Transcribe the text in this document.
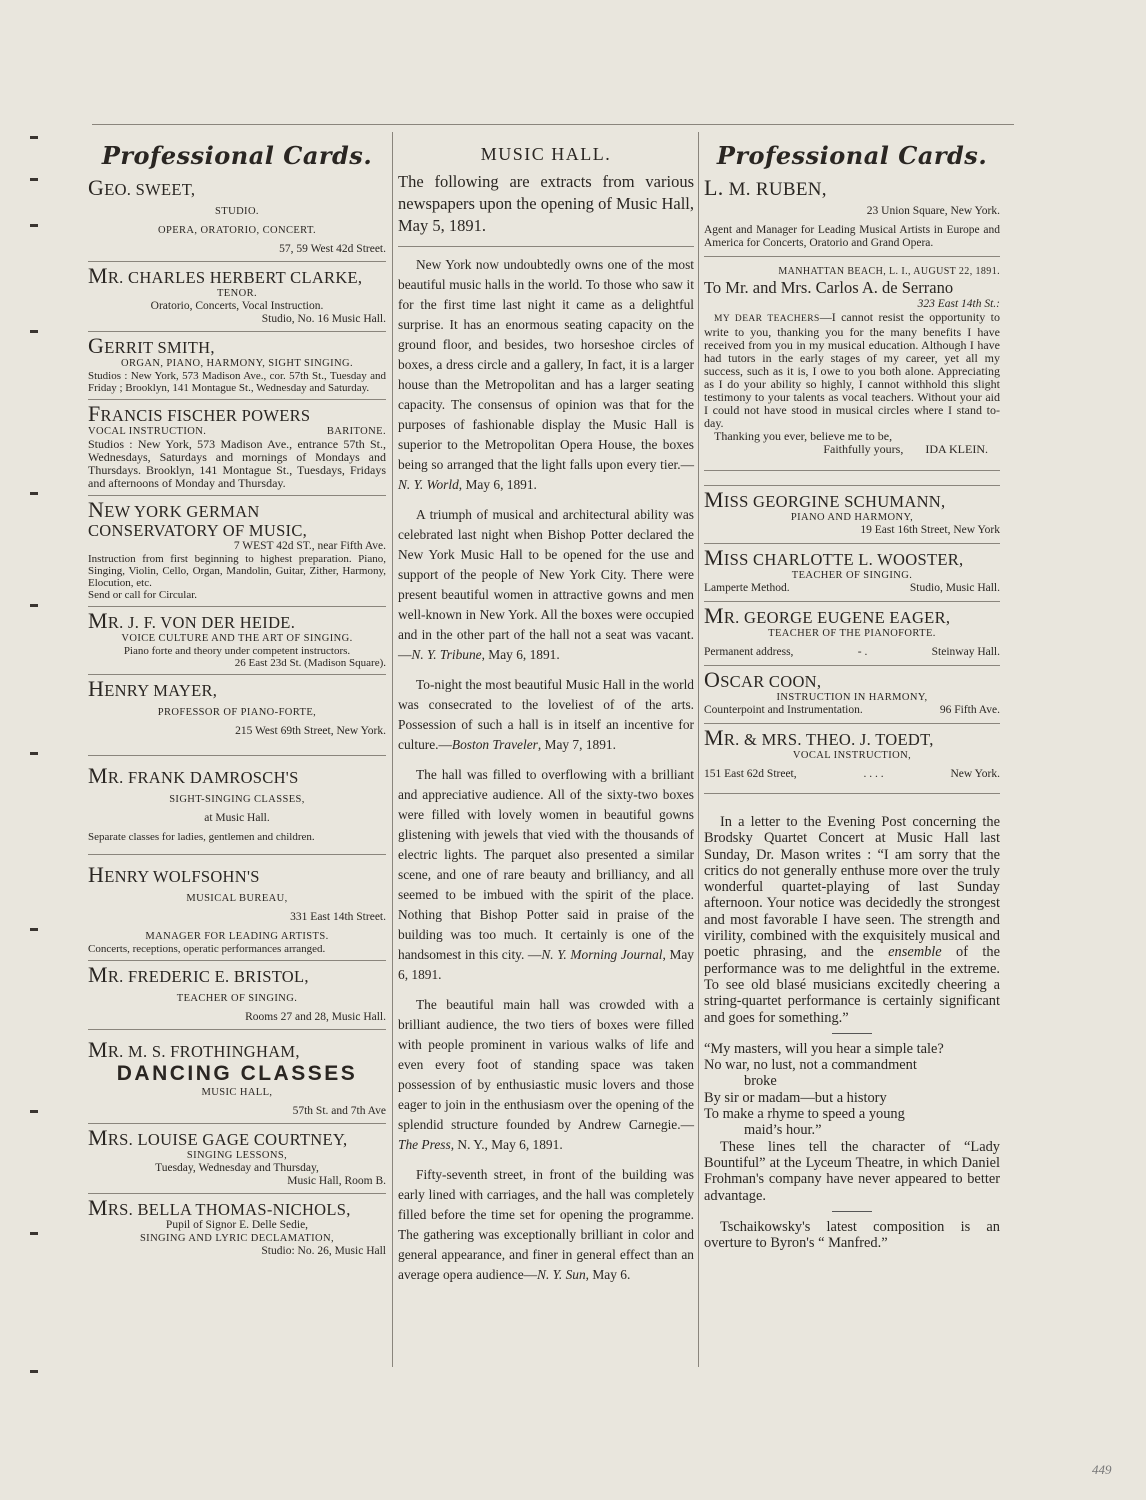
Professional Cards.
GEO. SWEET,
STUDIO.
OPERA, ORATORIO, CONCERT.
57, 59 West 42d Street.
MR. CHARLES HERBERT CLARKE,
TENOR.
Oratorio, Concerts, Vocal Instruction.
Studio, No. 16 Music Hall.
GERRIT SMITH,
ORGAN, PIANO, HARMONY, SIGHT SINGING.
Studios : New York, 573 Madison Ave., cor. 57th St., Tuesday and Friday ; Brooklyn, 141 Montague St., Wednesday and Saturday.
FRANCIS FISCHER POWERS
VOCAL INSTRUCTION.	BARITONE.
Studios : New York, 573 Madison Ave., entrance 57th St., Wednesdays, Saturdays and mornings of Mondays and Thursdays. Brooklyn, 141 Montague St., Tuesdays, Fridays and afternoons of Monday and Thursday.
NEW YORK GERMAN CONSERVATORY OF MUSIC,
7 WEST 42d ST., near Fifth Ave.
Instruction from first beginning to highest preparation. Piano, Singing, Violin, Cello, Organ, Mandolin, Guitar, Zither, Harmony, Elocution, etc.
Send or call for Circular.
MR. J. F. VON DER HEIDE.
VOICE CULTURE AND THE ART OF SINGING.
Piano forte and theory under competent instructors.
26 East 23d St. (Madison Square).
HENRY MAYER,
PROFESSOR OF PIANO-FORTE,
215 West 69th Street, New York.
MR. FRANK DAMROSCH'S
SIGHT-SINGING CLASSES,
at Music Hall.
Separate classes for ladies, gentlemen and children.
HENRY WOLFSOHN'S
MUSICAL BUREAU,
331 East 14th Street.
MANAGER FOR LEADING ARTISTS.
Concerts, receptions, operatic performances arranged.
MR. FREDERIC E. BRISTOL,
TEACHER OF SINGING.
Rooms 27 and 28, Music Hall.
MR. M. S. FROTHINGHAM,
DANCING CLASSES
MUSIC HALL,
57th St. and 7th Ave
MRS. LOUISE GAGE COURTNEY,
SINGING LESSONS,
Tuesday, Wednesday and Thursday,
Music Hall, Room B.
MRS. BELLA THOMAS-NICHOLS,
Pupil of Signor E. Delle Sedie,
SINGING AND LYRIC DECLAMATION,
Studio: No. 26, Music Hall
MUSIC HALL.
The following are extracts from various newspapers upon the opening of Music Hall, May 5, 1891.

New York now undoubtedly owns one of the most beautiful music halls in the world. To those who saw it for the first time last night it came as a delightful surprise. It has an enormous seating capacity on the ground floor, and besides, two horseshoe circles of boxes, a dress circle and a gallery, In fact, it is a larger house than the Metropolitan and has a larger seating capacity. The consensus of opinion was that for the purposes of fashionable display the Music Hall is superior to the Metropolitan Opera House, the boxes being so arranged that the light falls upon every tier.—N. Y. World, May 6, 1891.

A triumph of musical and architectural ability was celebrated last night when Bishop Potter declared the New York Music Hall to be opened for the use and support of the people of New York City. There were present beautiful women in attractive gowns and men well-known in New York. All the boxes were occupied and in the other part of the hall not a seat was vacant.—N. Y. Tribune, May 6, 1891.

To-night the most beautiful Music Hall in the world was consecrated to the loveliest of of the arts. Possession of such a hall is in itself an incentive for culture.—Boston Traveler, May 7, 1891.

The hall was filled to overflowing with a brilliant and appreciative audience. All of the sixty-two boxes were filled with lovely women in beautiful gowns glistening with jewels that vied with the thousands of electric lights. The parquet also presented a similar scene, and one of rare beauty and brilliancy, and all seemed to be imbued with the spirit of the place. Nothing that Bishop Potter said in praise of the building was too much. It certainly is one of the handsomest in this city. —N. Y. Morning Journal, May 6, 1891.

The beautiful main hall was crowded with a brilliant audience, the two tiers of boxes were filled with people prominent in various walks of life and even every foot of standing space was taken possession of by enthusiastic music lovers and those eager to join in the enthusiasm over the opening of the splendid structure founded by Andrew Carnegie.— The Press, N. Y., May 6, 1891.

Fifty-seventh street, in front of the building was early lined with carriages, and the hall was completely filled before the time set for opening the programme. The gathering was exceptionally brilliant in color and general appearance, and finer in general effect than an average opera audience—N. Y. Sun, May 6.

Professional Cards.
L. M. RUBEN,
23 Union Square, New York.
Agent and Manager for Leading Musical Artists in Europe and America for Concerts, Oratorio and Grand Opera.
MANHATTAN BEACH, L. I., AUGUST 22, 1891.
To Mr. and Mrs. Carlos A. de Serrano
323 East 14th St.:
MY DEAR TEACHERS—I cannot resist the opportunity to write to you, thanking you for the many benefits I have received from you in my musical education. Although I have had tutors in the early stages of my career, yet all my success, such as it is, I owe to you both alone. Appreciating as I do your ability so highly, I cannot withhold this slight testimony to your talents as vocal teachers. Without your aid I could not have stood in musical circles where I stand to-day.
Thanking you ever, believe me to be,
Faithfully yours, IDA KLEIN.
MISS GEORGINE SCHUMANN,
PIANO AND HARMONY,
19 East 16th Street, New York
MISS CHARLOTTE L. WOOSTER,
TEACHER OF SINGING.
Lamperte Method.	Studio, Music Hall.
MR. GEORGE EUGENE EAGER,
TEACHER OF THE PIANOFORTE.
Permanent address,	- .	Steinway Hall.
OSCAR COON,
INSTRUCTION IN HARMONY,
Counterpoint and Instrumentation.	96 Fifth Ave.
MR. & MRS. THEO. J. TOEDT,
VOCAL INSTRUCTION,
151 East 62d Street,	. . . .	New York.

In a letter to the Evening Post concerning the Brodsky Quartet Concert at Music Hall last Sunday, Dr. Mason writes : “I am sorry that the critics do not generally enthuse more over the truly wonderful quartet-playing of last Sunday afternoon. Your notice was decidedly the strongest and most favorable I have seen. The strength and virility, combined with the exquisitely musical and poetic phrasing, and the ensemble of the performance was to me delightful in the extreme. To see old blasé musicians excitedly cheering a string-quartet performance is certainly significant and goes for something.”

“My masters, will you hear a simple tale?
No war, no lust, not a commandment
broke
By sir or madam—but a history
To make a rhyme to speed a young
maid’s hour.”

These lines tell the character of “Lady Bountiful” at the Lyceum Theatre, in which Daniel Frohman's company have never appeared to better advantage.

Tschaikowsky's latest composition is an overture to Byron's “ Manfred.”

449
